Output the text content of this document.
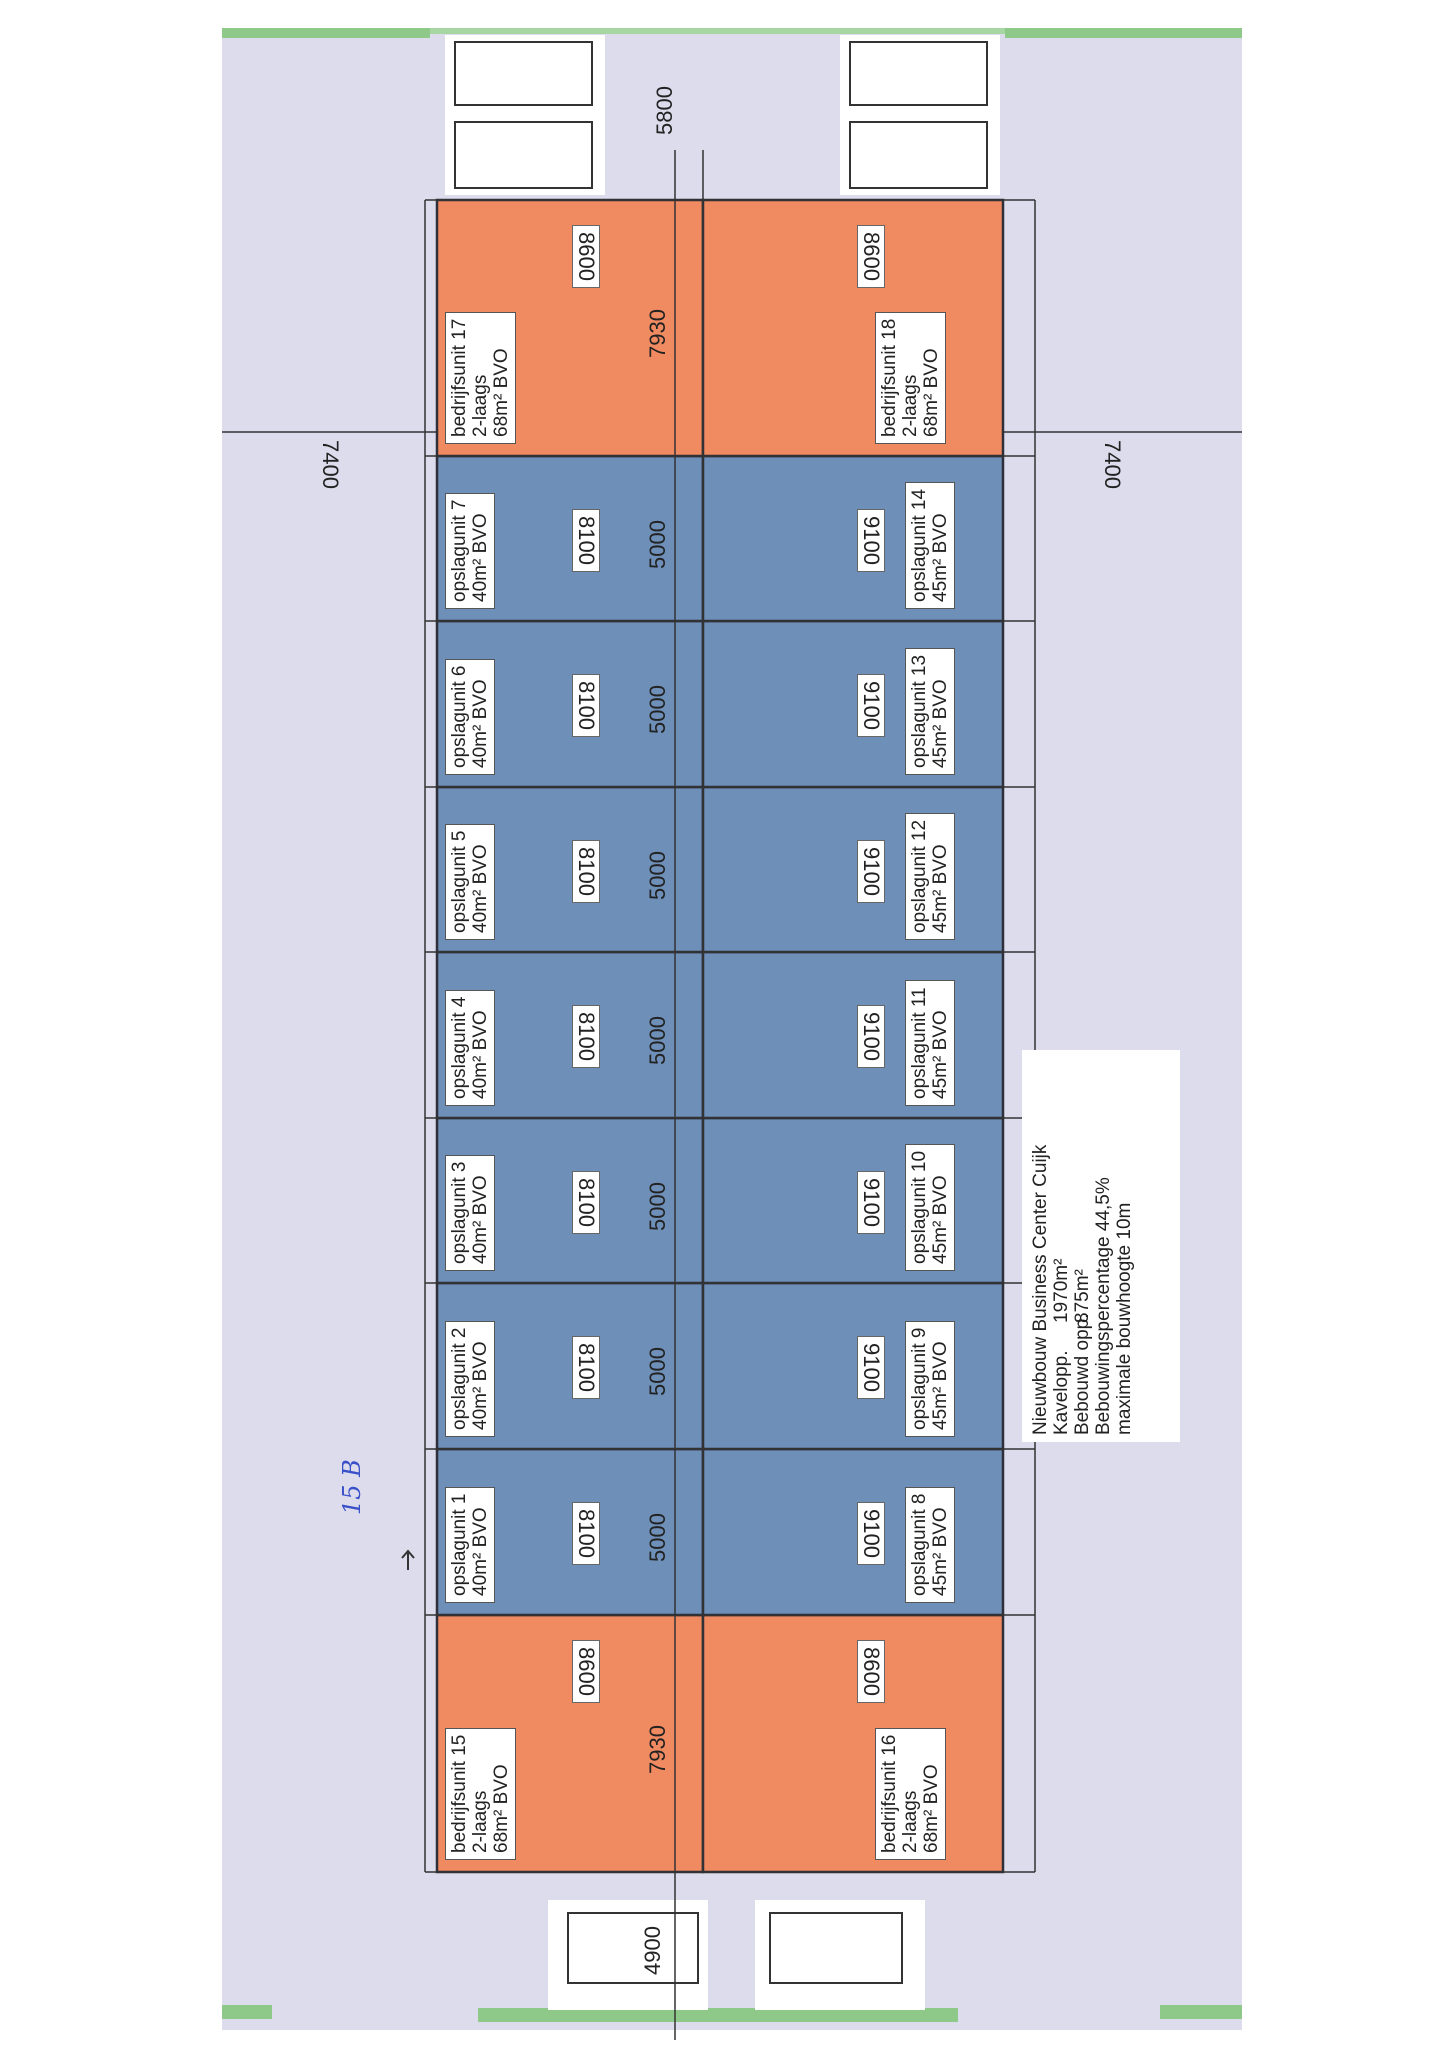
bedrijfsunit 15 2-laags 68m² BVO	bedrijfsunit 16 2-laags 68m² BVO
8600	8600
7930
opslagunit 1 40m² BVO	opslagunit 8 45m² BVO
8100	9100
5000
opslagunit 2 40m² BVO	opslagunit 9 45m² BVO
8100	9100
5000
opslagunit 3 40m² BVO	opslagunit 10 45m² BVO
8100	9100
5000
opslagunit 4 40m² BVO	opslagunit 11 45m² BVO
8100	9100
5000
opslagunit 5 40m² BVO	opslagunit 12 45m² BVO
8100	9100
5000
opslagunit 6 40m² BVO	opslagunit 13 45m² BVO
8100	9100
5000
opslagunit 7 40m² BVO	opslagunit 14 45m² BVO
8100	9100
5000
bedrijfsunit 17 2-laags 68m² BVO	bedrijfsunit 18 2-laags 68m² BVO
8600	8600
7930
7400	7400
5800
4900
Nieuwbouw Business Center Cuijk Kavelopp.1970m²
Bebouwd opp.875m² Bebouwingspercentage 44,5%
maximale bouwhoogte 10m
15 B
